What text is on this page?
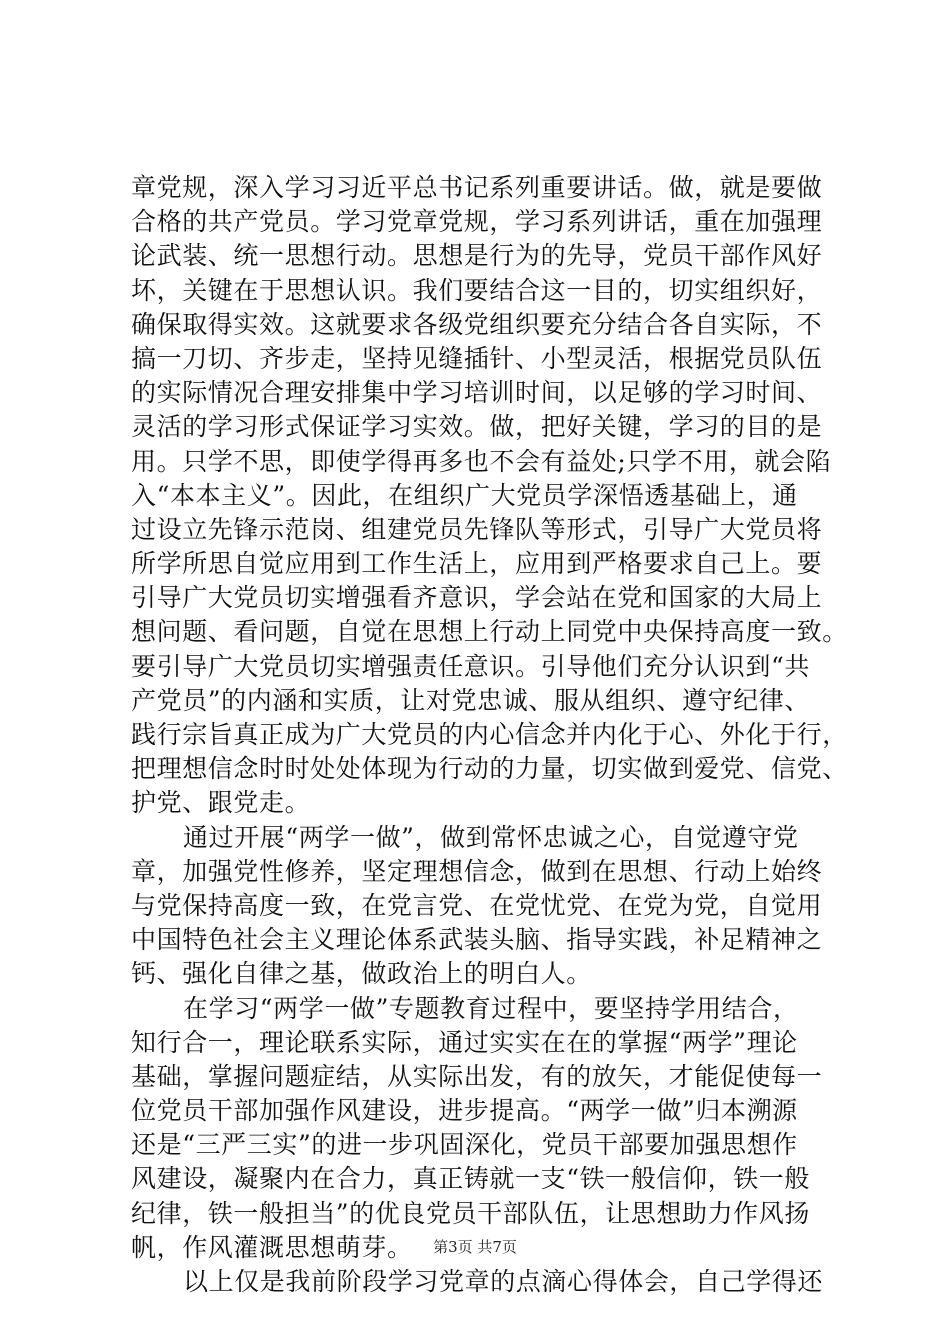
章党规，深入学习习近平总书记系列重要讲话。做，就是要做
合格的共产党员。学习党章党规，学习系列讲话，重在加强理
论武装、统一思想行动。思想是行为的先导，党员干部作风好
坏，关键在于思想认识。我们要结合这一目的，切实组织好，
确保取得实效。这就要求各级党组织要充分结合各自实际，不
搞一刀切、齐步走，坚持见缝插针、小型灵活，根据党员队伍
的实际情况合理安排集中学习培训时间，以足够的学习时间、
灵活的学习形式保证学习实效。做，把好关键，学习的目的是
用。只学不思，即使学得再多也不会有益处;只学不用，就会陷
入“本本主义”。因此，在组织广大党员学深悟透基础上，通
过设立先锋示范岗、组建党员先锋队等形式，引导广大党员将
所学所思自觉应用到工作生活上，应用到严格要求自己上。要
引导广大党员切实增强看齐意识，学会站在党和国家的大局上
想问题、看问题，自觉在思想上行动上同党中央保持高度一致。
要引导广大党员切实增强责任意识。引导他们充分认识到“共
产党员”的内涵和实质，让对党忠诚、服从组织、遵守纪律、
践行宗旨真正成为广大党员的内心信念并内化于心、外化于行，
把理想信念时时处处体现为行动的力量，切实做到爱党、信党、
护党、跟党走。
通过开展“两学一做”，做到常怀忠诚之心，自觉遵守党
章，加强党性修养，坚定理想信念，做到在思想、行动上始终
与党保持高度一致，在党言党、在党忧党、在党为党，自觉用
中国特色社会主义理论体系武装头脑、指导实践，补足精神之
钙、强化自律之基，做政治上的明白人。
在学习“两学一做”专题教育过程中，要坚持学用结合，
知行合一，理论联系实际，通过实实在在的掌握“两学”理论
基础，掌握问题症结，从实际出发，有的放矢，才能促使每一
位党员干部加强作风建设，进步提高。“两学一做”归本溯源
还是“三严三实”的进一步巩固深化，党员干部要加强思想作
风建设，凝聚内在合力，真正铸就一支“铁一般信仰，铁一般
纪律，铁一般担当”的优良党员干部队伍，让思想助力作风扬
帆，作风灌溉思想萌芽。
以上仅是我前阶段学习党章的点滴心得体会，自己学得还
第3页 共7页
